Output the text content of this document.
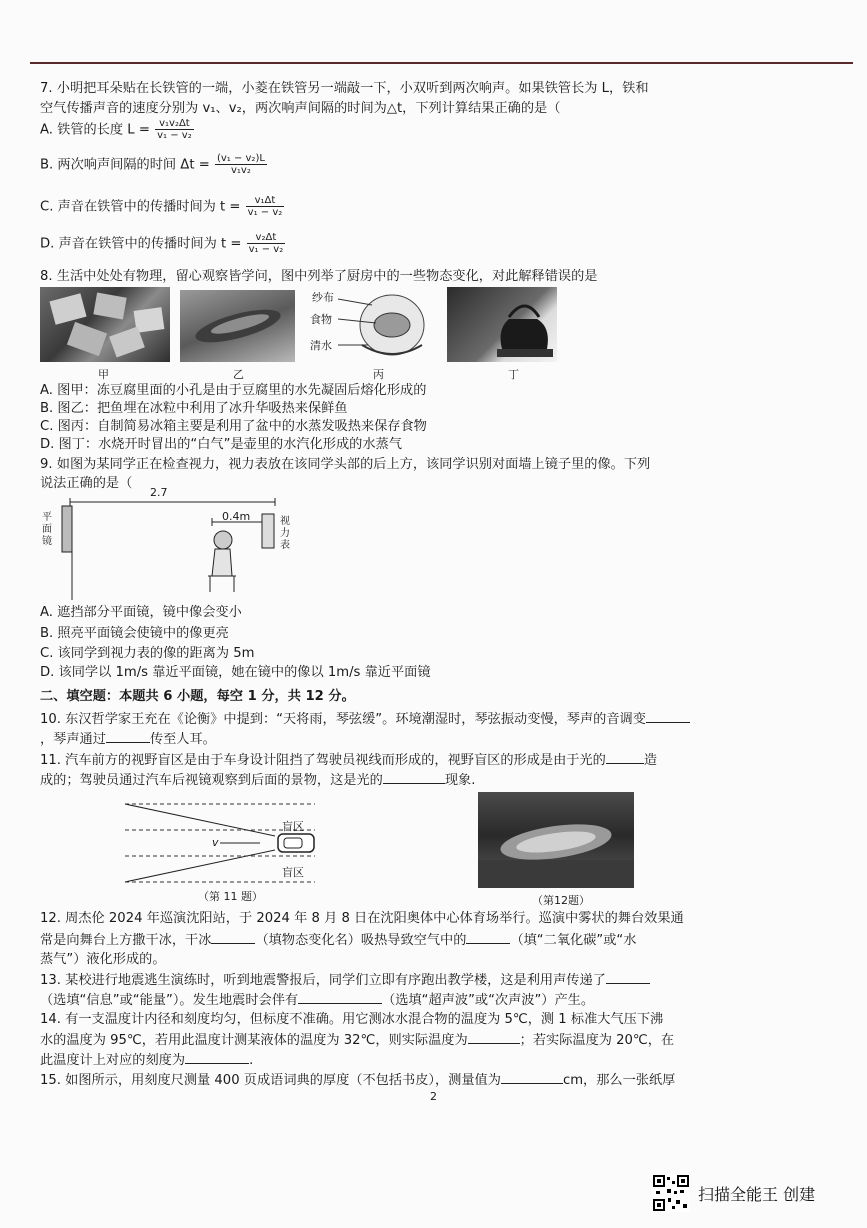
7. 小明把耳朵贴在长铁管的一端，小菱在铁管另一端敲一下，小双听到两次响声。如果铁管长为 L，铁和
空气传播声音的速度分别为 v₁、v₂，两次响声间隔的时间为△t，下列计算结果正确的是（
A. 铁管的长度 $L = \frac{\text{v₁v₂Δt}}{\text{v₁ − v₂}}$
B. 两次响声间隔的时间 $\Delta t = \frac{\text{(v₁ − v₂)L}}{\text{v₁v₂}}$
C. 声音在铁管中的传播时间为 $t = \frac{\text{v₁Δt}}{\text{v₁ − v₂}}$
D. 声音在铁管中的传播时间为 $t = \frac{\text{v₂Δt}}{\text{v₁ − v₂}}$
8. 生活中处处有物理，留心观察皆学问，图中列举了厨房中的一些物态变化，对此解释错误的是
纱布
食物
清水
甲	乙	丙	丁
A. 图甲：冻豆腐里面的小孔是由于豆腐里的水先凝固后熔化形成的
B. 图乙：把鱼埋在冰粒中利用了冰升华吸热来保鲜鱼
C. 图丙：自制简易冰箱主要是利用了盆中的水蒸发吸热来保存食物
D. 图丁：水烧开时冒出的“白气”是壶里的水汽化形成的水蒸气
9. 如图为某同学正在检查视力，视力表放在该同学头部的后上方，该同学识别对面墙上镜子里的像。下列
说法正确的是（
2.7
0.4m
平面镜
视力表
A. 遮挡部分平面镜，镜中像会变小
B. 照亮平面镜会使镜中的像更亮
C. 该同学到视力表的像的距离为 5m
D. 该同学以 1m/s 靠近平面镜，她在镜中的像以 1m/s 靠近平面镜
二、填空题：本题共 6 小题，每空 1 分，共 12 分。
10. 东汉哲学家王充在《论衡》中提到：“天将雨，琴弦缓”。环境潮湿时，琴弦振动变慢，琴声的音调变
，琴声通过	传至人耳。
11. 汽车前方的视野盲区是由于车身设计阻挡了驾驶员视线而形成的，视野盲区的形成是由于光的	造
成的；驾驶员通过汽车后视镜观察到后面的景物，这是光的	现象.
盲区
盲区
v
（第 11 题）	（第12题）
12. 周杰伦 2024 年巡演沈阳站，于 2024 年 8 月 8 日在沈阳奥体中心体育场举行。巡演中雾状的舞台效果通
常是向舞台上方撒干冰，干冰	（填物态变化名）吸热导致空气中的	（填“二氧化碳”或“水
蒸气”）液化形成的。
13. 某校进行地震逃生演练时，听到地震警报后，同学们立即有序跑出教学楼，这是利用声传递了
（选填“信息”或“能量”）。发生地震时会伴有	（选填“超声波”或“次声波”）产生。
14. 有一支温度计内径和刻度均匀，但标度不准确。用它测冰水混合物的温度为 5℃，测 1 标准大气压下沸
水的温度为 95℃，若用此温度计测某液体的温度为 32℃，则实际温度为	；若实际温度为 20℃，在
此温度计上对应的刻度为	.
15. 如图所示，用刻度尺测量 400 页成语词典的厚度（不包括书皮），测量值为	cm，那么一张纸厚
2
扫描全能王 创建
